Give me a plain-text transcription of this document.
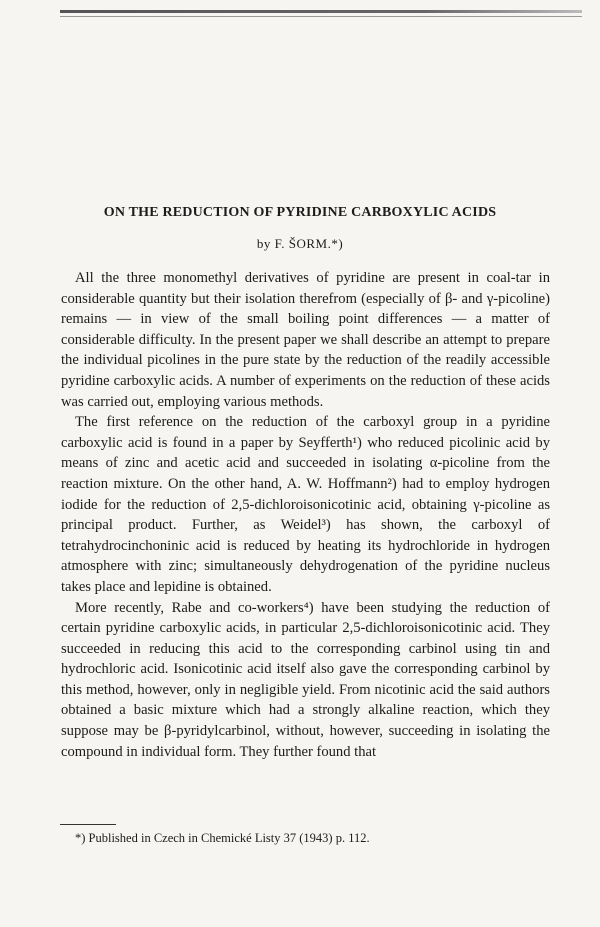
ON THE REDUCTION OF PYRIDINE CARBOXYLIC ACIDS
by F. ŠORM.*)

All the three monomethyl derivatives of pyridine are present in coal-tar in considerable quantity but their isolation therefrom (especially of β- and γ-picoline) remains — in view of the small boiling point differences — a matter of considerable difficulty. In the present paper we shall describe an attempt to prepare the individual picolines in the pure state by the reduction of the readily accessible pyridine carboxylic acids. A number of experiments on the reduction of these acids was carried out, employing various methods.

The first reference on the reduction of the carboxyl group in a pyridine carboxylic acid is found in a paper by Seyfferth¹) who reduced picolinic acid by means of zinc and acetic acid and succeeded in isolating α-picoline from the reaction mixture. On the other hand, A. W. Hoffmann²) had to employ hydrogen iodide for the reduction of 2,5-dichloroisonicotinic acid, obtaining γ-picoline as principal product. Further, as Weidel³) has shown, the carboxyl of tetrahydrocinchoninic acid is reduced by heating its hydrochloride in hydrogen atmosphere with zinc; simultaneously dehydrogenation of the pyridine nucleus takes place and lepidine is obtained.

More recently, Rabe and co-workers⁴) have been studying the reduction of certain pyridine carboxylic acids, in particular 2,5-dichloroisonicotinic acid. They succeeded in reducing this acid to the corresponding carbinol using tin and hydrochloric acid. Isonicotinic acid itself also gave the corresponding carbinol by this method, however, only in negligible yield. From nicotinic acid the said authors obtained a basic mixture which had a strongly alkaline reaction, which they suppose may be β-pyridylcarbinol, without, however, succeeding in isolating the compound in individual form. They further found that

*) Published in Czech in Chemické Listy 37 (1943) p. 112.
